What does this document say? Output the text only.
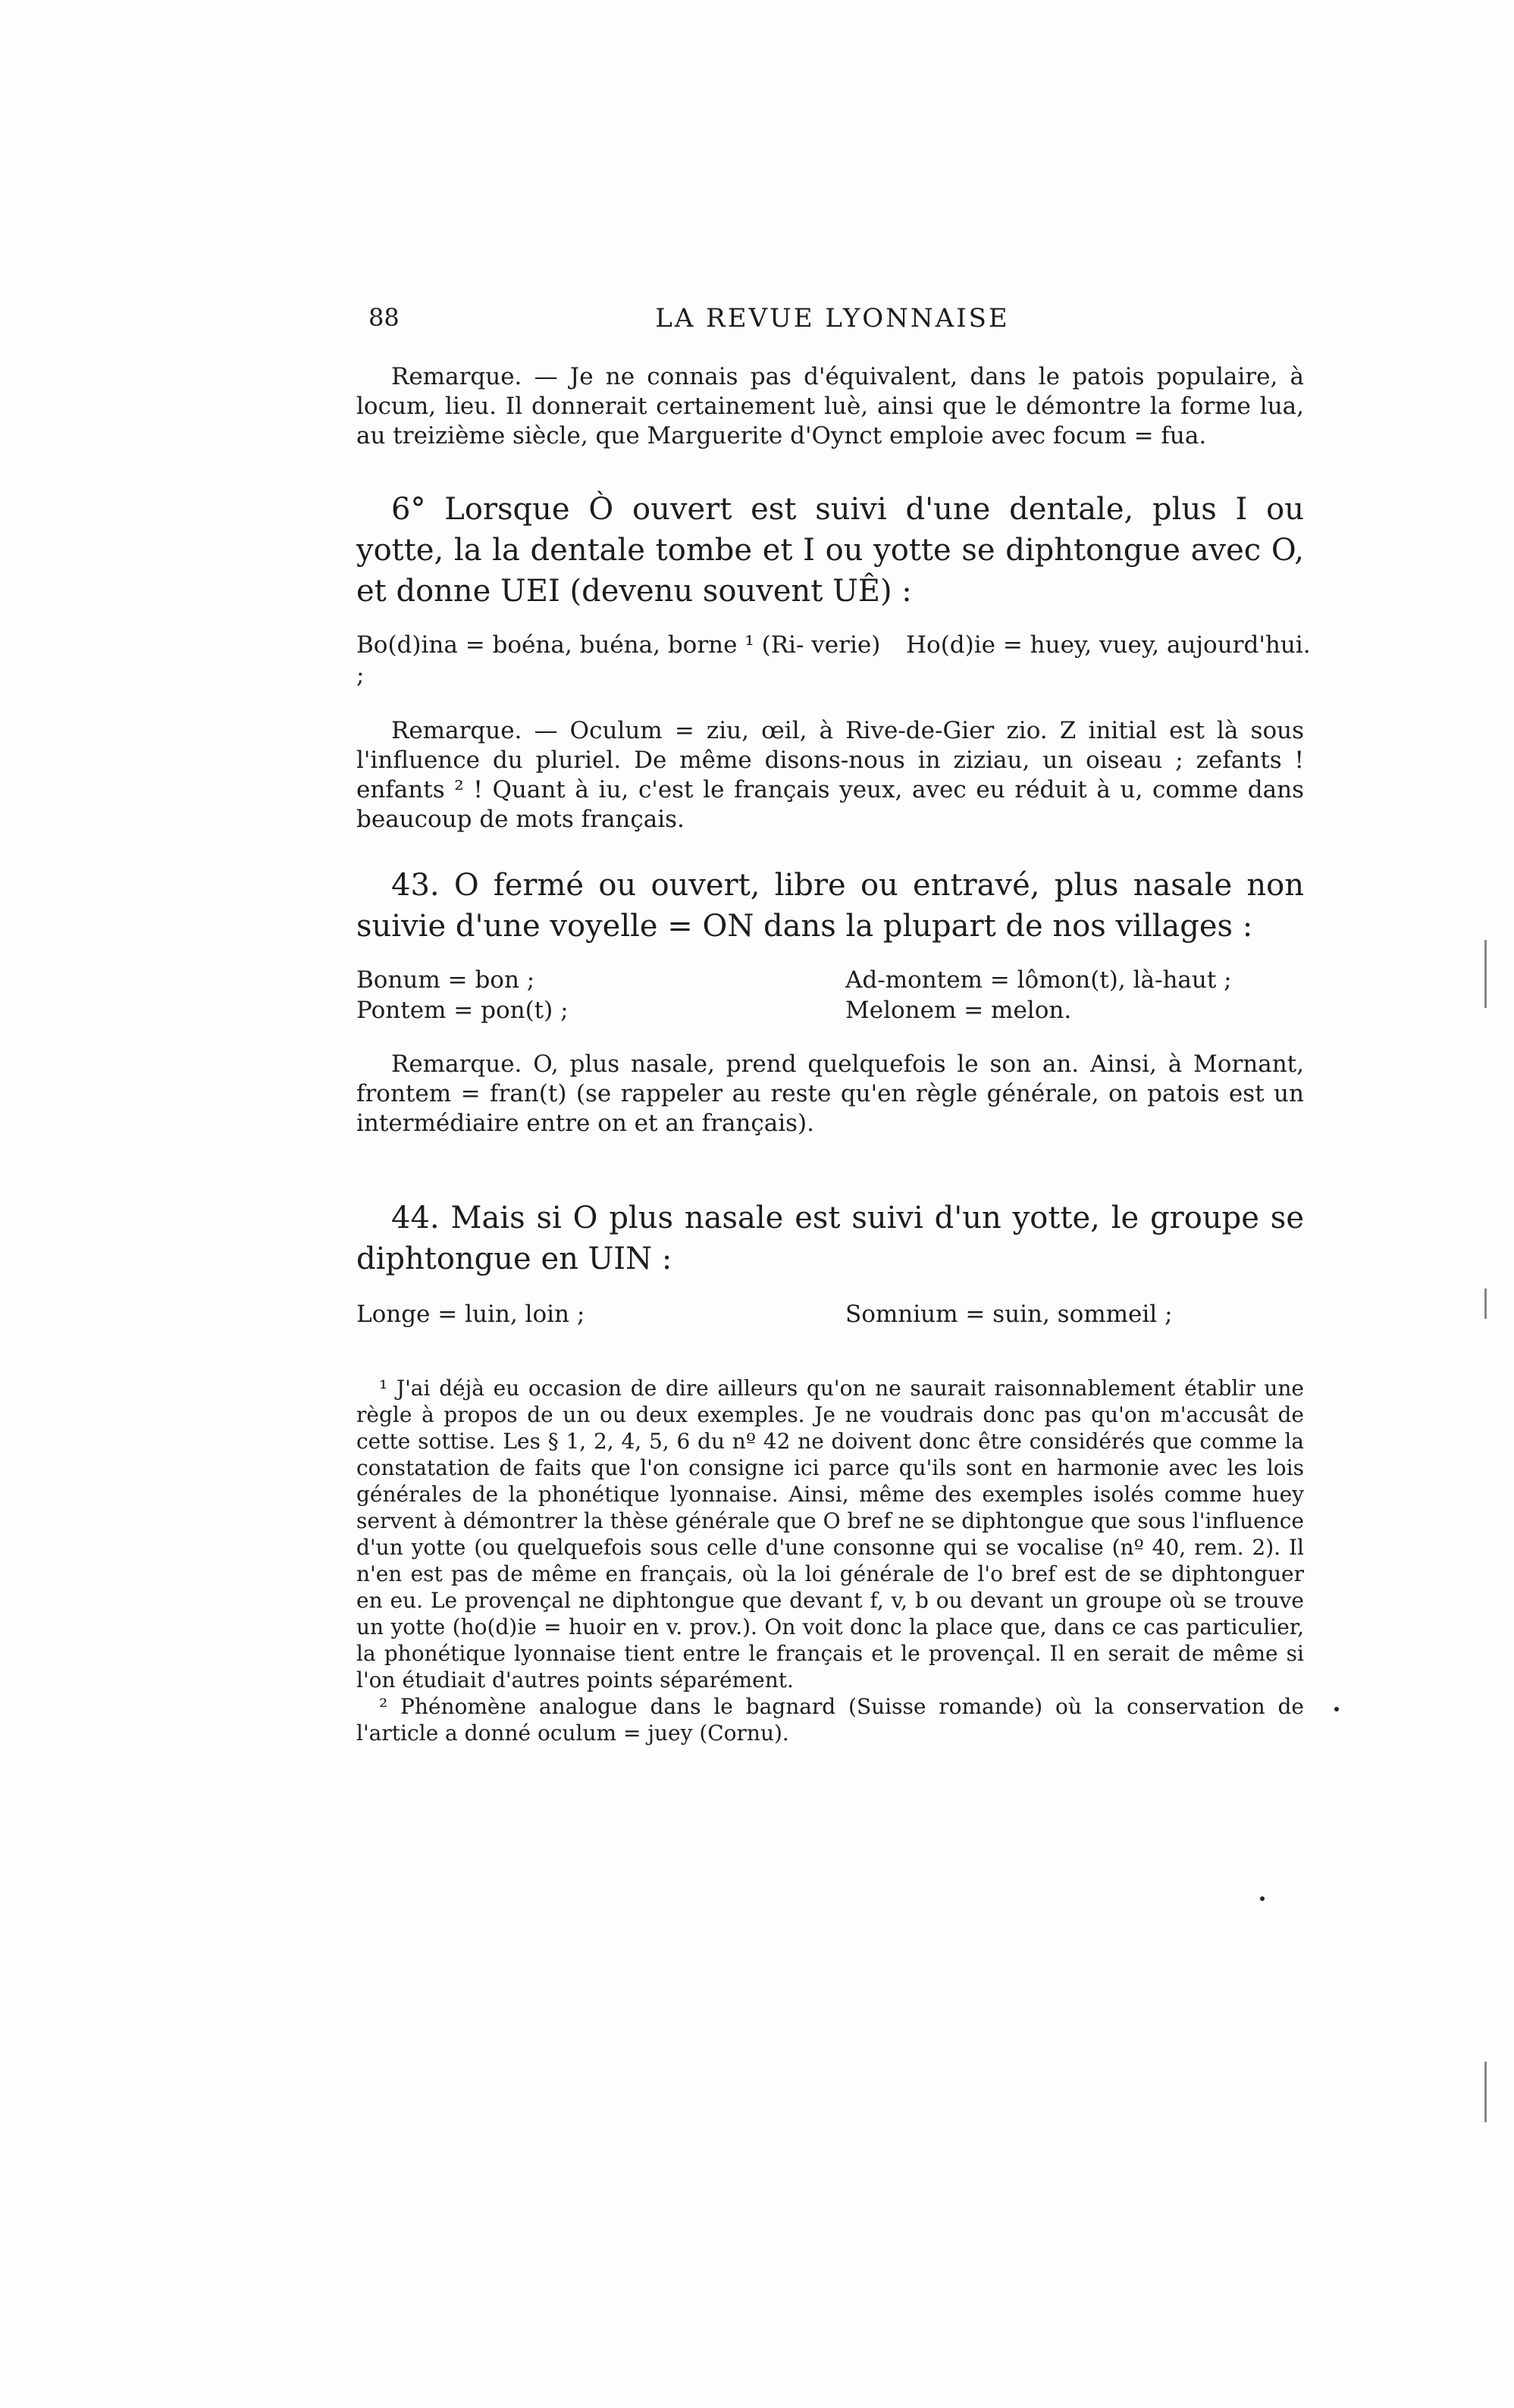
88	LA REVUE LYONNAISE

Remarque. — Je ne connais pas d'équivalent, dans le patois populaire, à locum, lieu. Il donnerait certainement luè, ainsi que le démontre la forme lua, au treizième siècle, que Marguerite d'Oynct emploie avec focum = fua.

6° Lorsque Ò ouvert est suivi d'une dentale, plus I ou yotte, la la dentale tombe et I ou yotte se diphtongue avec O, et donne UEI (devenu souvent UÊ) :

Bo(d)ina = boéna, buéna, borne ¹ (Ri- verie) ;
Ho(d)ie = huey, vuey, aujourd'hui.

Remarque. — Oculum = ziu, œil, à Rive-de-Gier zio. Z initial est là sous l'influence du pluriel. De même disons-nous in ziziau, un oiseau ; zefants ! enfants ² ! Quant à iu, c'est le français yeux, avec eu réduit à u, comme dans beaucoup de mots français.

43. O fermé ou ouvert, libre ou entravé, plus nasale non suivie d'une voyelle = ON dans la plupart de nos villages :

Bonum = bon ;
Pontem = pon(t) ;
Ad-montem = lômon(t), là-haut ;
Melonem = melon.

Remarque. O, plus nasale, prend quelquefois le son an. Ainsi, à Mornant, frontem = fran(t) (se rappeler au reste qu'en règle générale, on patois est un intermédiaire entre on et an français).

44. Mais si O plus nasale est suivi d'un yotte, le groupe se diphtongue en UIN :

Longe = luin, loin ;	Somnium = suin, sommeil ;

¹ J'ai déjà eu occasion de dire ailleurs qu'on ne saurait raisonnablement établir une règle à propos de un ou deux exemples. Je ne voudrais donc pas qu'on m'accusât de cette sottise. Les § 1, 2, 4, 5, 6 du nº 42 ne doivent donc être considérés que comme la constatation de faits que l'on consigne ici parce qu'ils sont en harmonie avec les lois générales de la phonétique lyonnaise. Ainsi, même des exemples isolés comme huey servent à démontrer la thèse générale que O bref ne se diphtongue que sous l'influence d'un yotte (ou quelquefois sous celle d'une consonne qui se vocalise (nº 40, rem. 2). Il n'en est pas de même en français, où la loi générale de l'o bref est de se diphtonguer en eu. Le provençal ne diphtongue que devant f, v, b ou devant un groupe où se trouve un yotte (ho(d)ie = huoir en v. prov.). On voit donc la place que, dans ce cas particulier, la phonétique lyonnaise tient entre le français et le provençal. Il en serait de même si l'on étudiait d'autres points séparément.

² Phénomène analogue dans le bagnard (Suisse romande) où la conservation de l'article a donné oculum = juey (Cornu).
